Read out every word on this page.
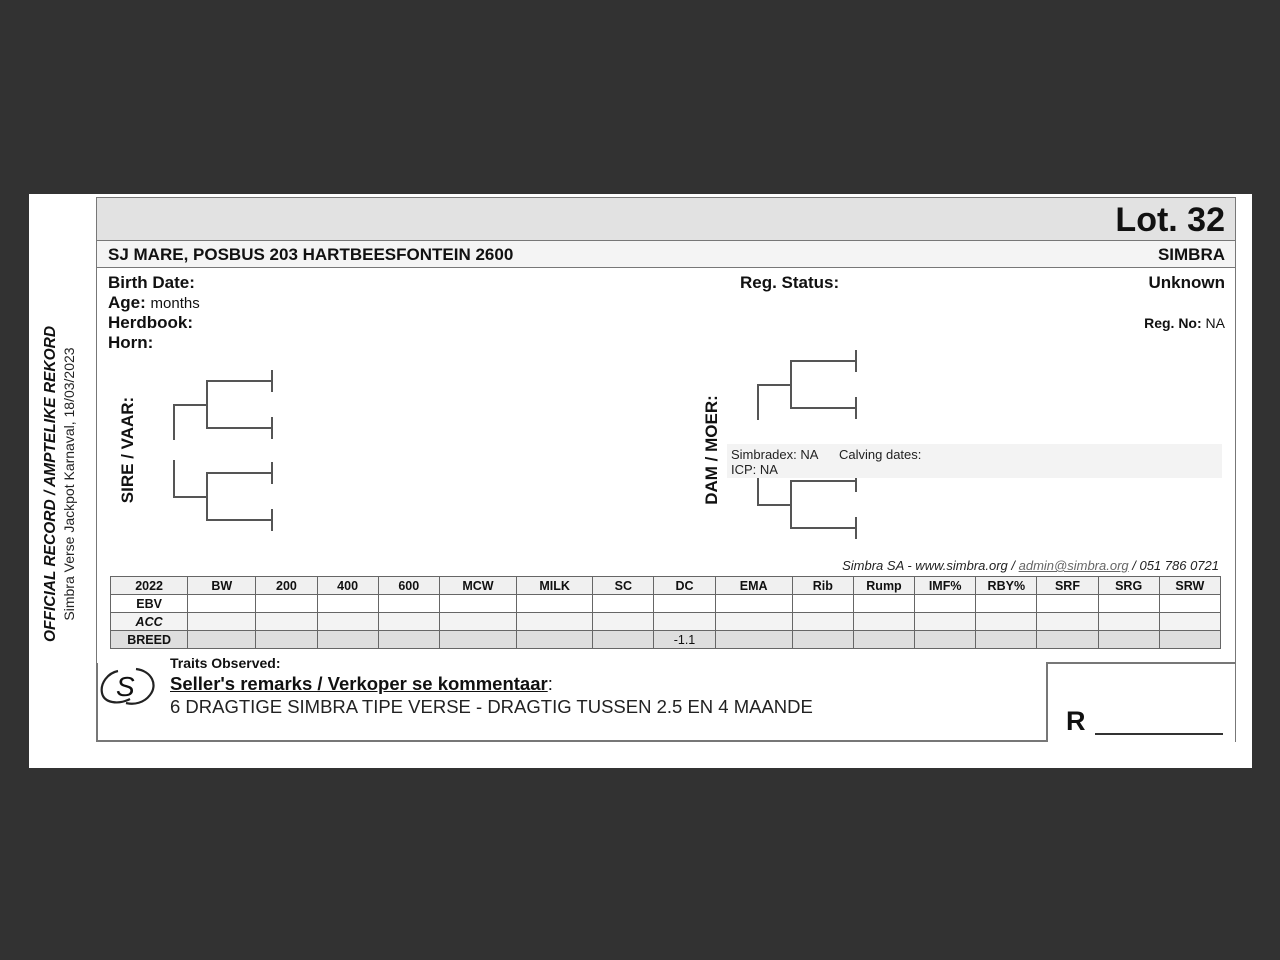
OFFICIAL RECORD / AMPTELIKE REKORD Simbra Verse Jackpot Karnaval, 18/03/2023
Lot. 32
SJ MARE, POSBUS 203 HARTBEESFONTEIN 2600	SIMBRA
Birth Date:
Age: months
Herdbook:
Horn:
Reg. Status:	Unknown
Reg. No: NA
SIRE / VAAR:	DAM / MOER: Simbradex: NA Calving dates:
ICP: NA
Simbra SA - www.simbra.org / admin@simbra.org / 051 786 0721
2022	BW	200	400	600	MCW	MILK	SC	DC	EMA	Rib	Rump	IMF%	RBY%	SRF	SRG	SRW
EBV																
ACC																
BREED								-1.1								
S
Traits Observed:
Seller's remarks / Verkoper se kommentaar:
6 DRAGTIGE SIMBRA TIPE VERSE - DRAGTIG TUSSEN 2.5 EN 4 MAANDE	R
